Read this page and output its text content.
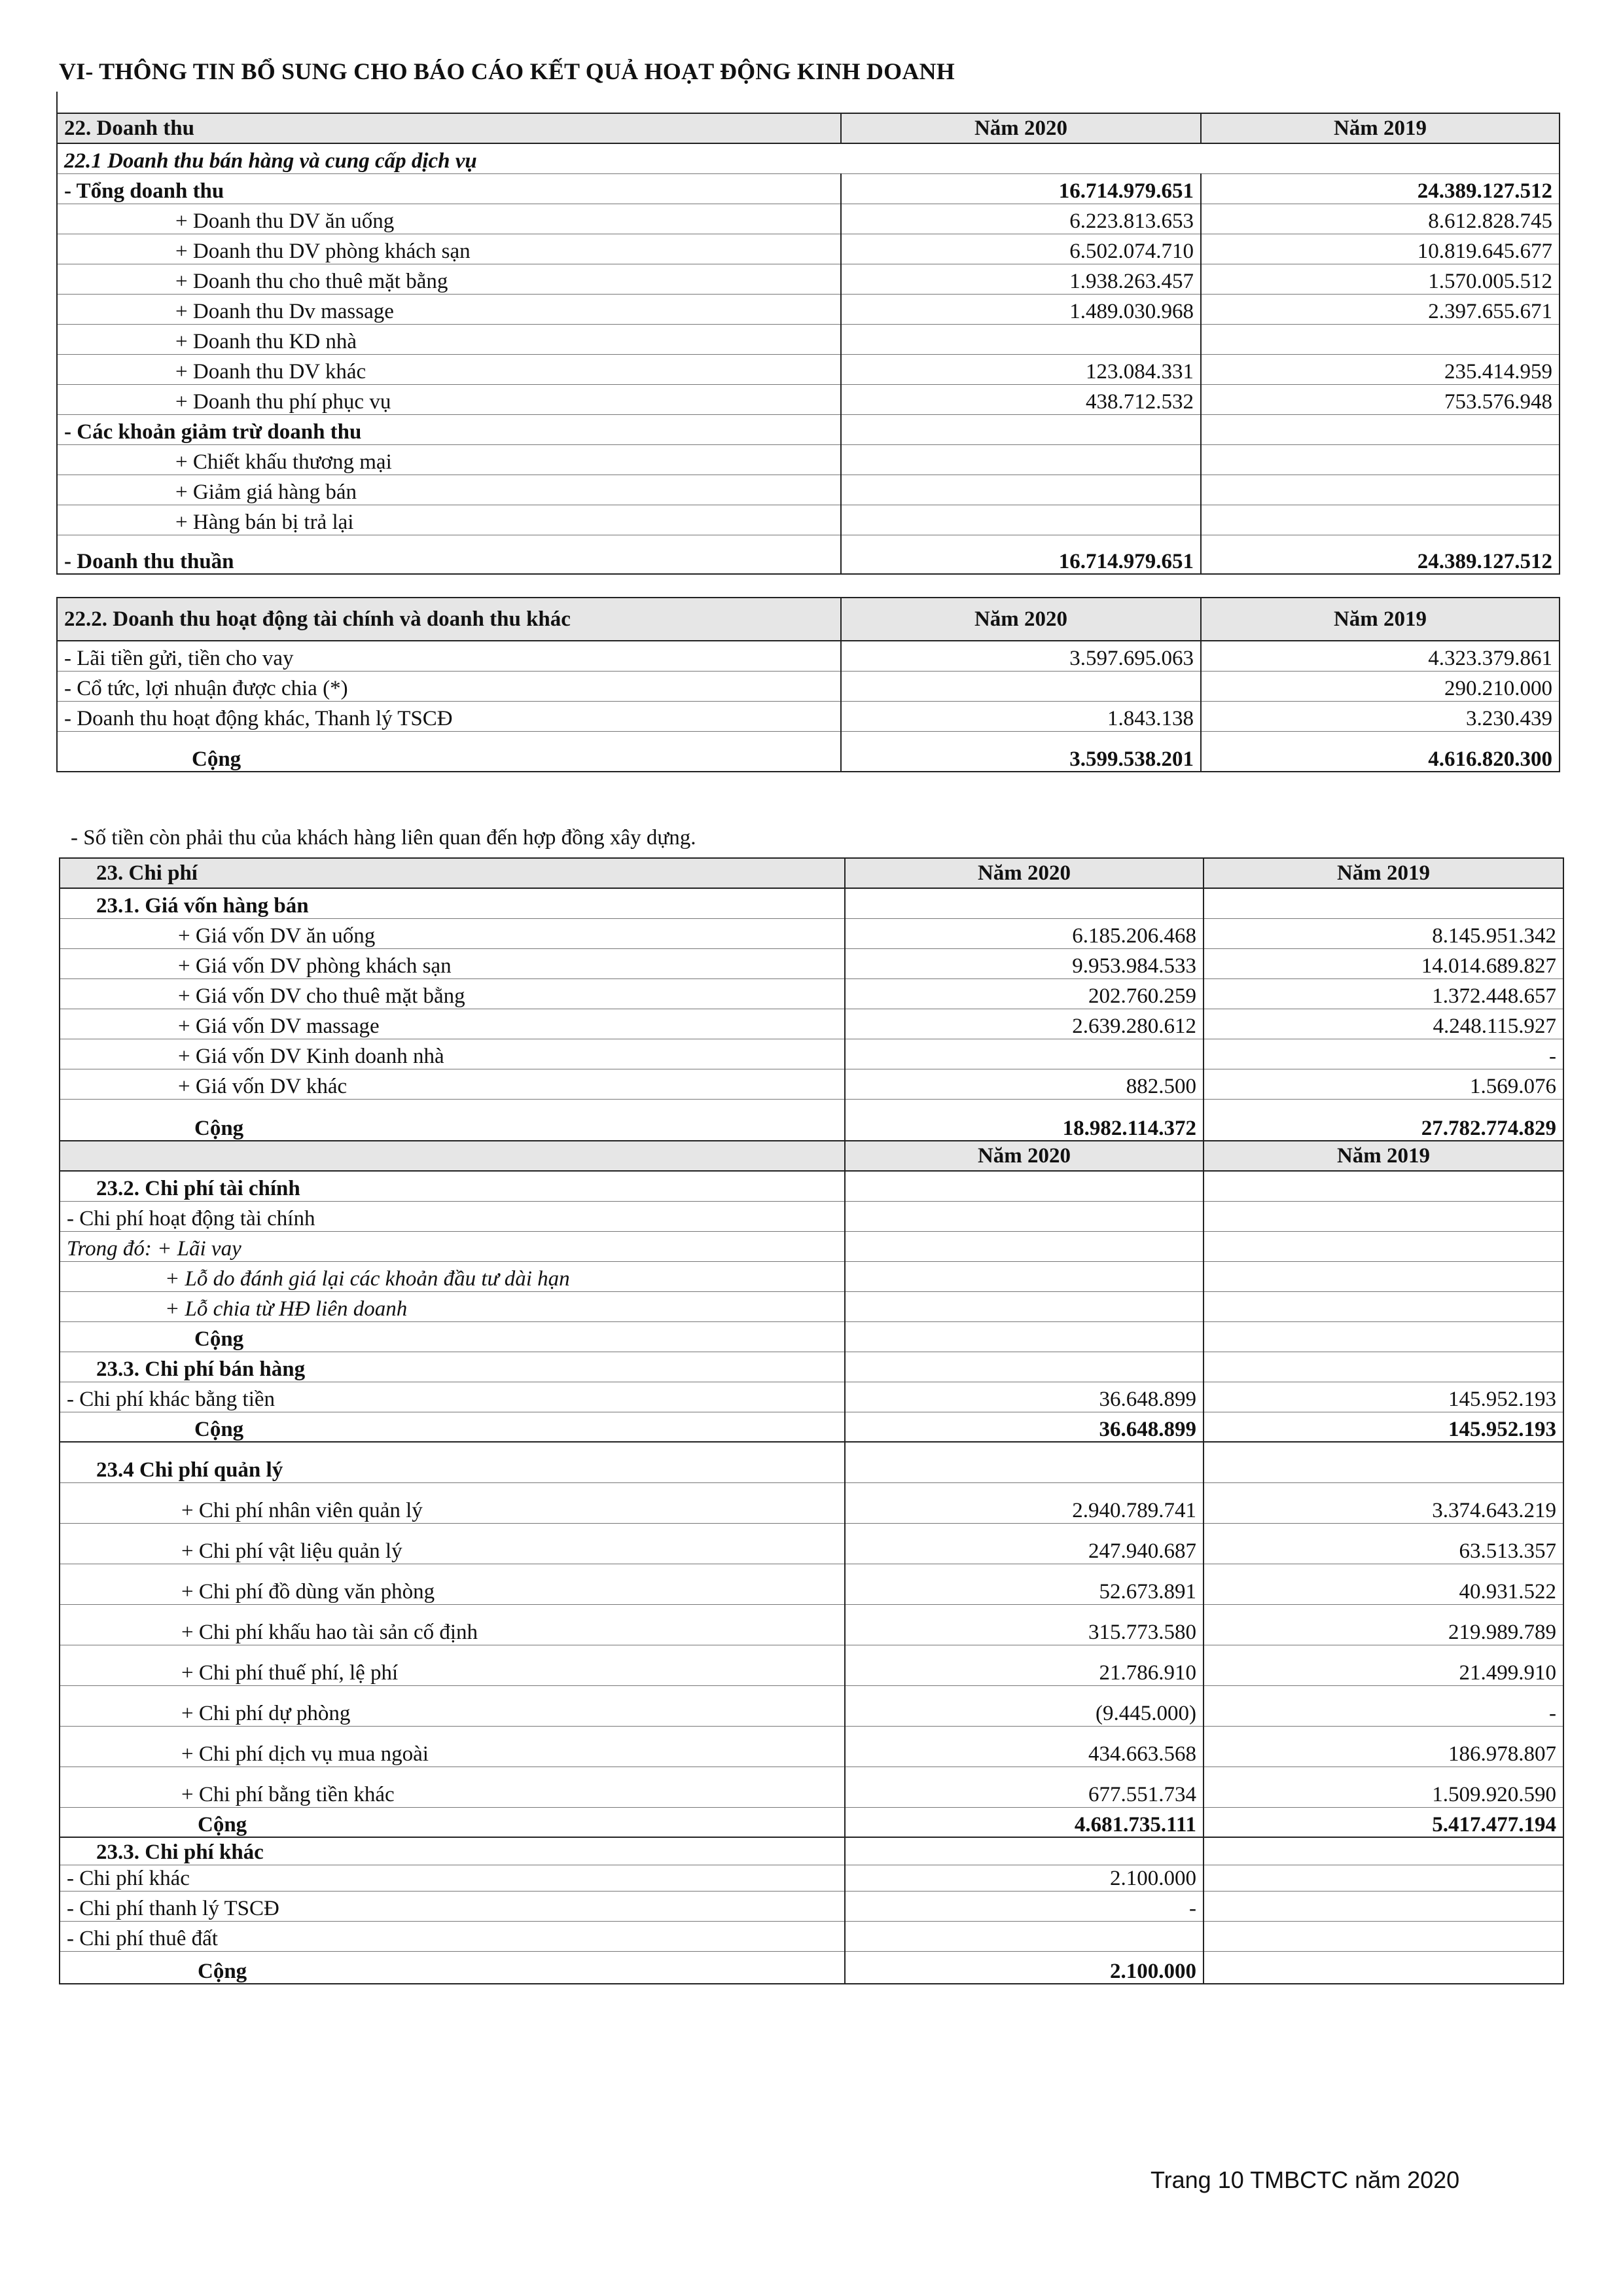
VI- THÔNG TIN BỔ SUNG CHO BÁO CÁO KẾT QUẢ HOẠT ĐỘNG KINH DOANH
22. Doanh thu	Năm 2020	Năm 2019
22.1 Doanh thu bán hàng và cung cấp dịch vụ		
- Tổng doanh thu	16.714.979.651	24.389.127.512
+ Doanh thu DV ăn uống	6.223.813.653	8.612.828.745
+ Doanh thu DV phòng khách sạn	6.502.074.710	10.819.645.677
+ Doanh thu cho thuê mặt bằng	1.938.263.457	1.570.005.512
+ Doanh thu Dv massage	1.489.030.968	2.397.655.671
+ Doanh thu KD nhà		
+ Doanh thu DV khác	123.084.331	235.414.959
+ Doanh thu phí phục vụ	438.712.532	753.576.948
- Các khoản giảm trừ doanh thu		
+ Chiết khấu thương mại		
+ Giảm giá hàng bán		
+ Hàng bán bị trả lại		
- Doanh thu thuần	16.714.979.651	24.389.127.512
22.2. Doanh thu hoạt động tài chính và doanh thu khác	Năm 2020	Năm 2019
- Lãi tiền gửi, tiền cho vay	3.597.695.063	4.323.379.861
- Cổ tức, lợi nhuận được chia (*)		290.210.000
- Doanh thu hoạt động khác, Thanh lý TSCĐ	1.843.138	3.230.439
Cộng	3.599.538.201	4.616.820.300
- Số tiền còn phải thu của khách hàng liên quan đến hợp đồng xây dựng.
23. Chi phí	Năm 2020	Năm 2019
23.1. Giá vốn hàng bán		
+ Giá vốn DV ăn uống	6.185.206.468	8.145.951.342
+ Giá vốn DV phòng khách sạn	9.953.984.533	14.014.689.827
+ Giá vốn DV cho thuê mặt bằng	202.760.259	1.372.448.657
+ Giá vốn DV massage	2.639.280.612	4.248.115.927
+ Giá vốn DV Kinh doanh nhà		-
+ Giá vốn DV khác	882.500	1.569.076
Cộng	18.982.114.372	27.782.774.829
	Năm 2020	Năm 2019
23.2. Chi phí tài chính		
- Chi phí hoạt động tài chính		
Trong đó: + Lãi vay		
+ Lỗ do đánh giá lại các khoản đầu tư dài hạn		
+ Lỗ chia từ HĐ liên doanh		
Cộng		
23.3. Chi phí bán hàng		
- Chi phí khác bằng tiền	36.648.899	145.952.193
Cộng	36.648.899	145.952.193
23.4 Chi phí quản lý		
+ Chi phí nhân viên quản lý	2.940.789.741	3.374.643.219
+ Chi phí vật liệu quản lý	247.940.687	63.513.357
+ Chi phí đồ dùng văn phòng	52.673.891	40.931.522
+ Chi phí khấu hao tài sản cố định	315.773.580	219.989.789
+ Chi phí thuế phí, lệ phí	21.786.910	21.499.910
+ Chi phí dự phòng	(9.445.000)	-
+ Chi phí dịch vụ mua ngoài	434.663.568	186.978.807
+ Chi phí bằng tiền khác	677.551.734	1.509.920.590
Cộng	4.681.735.111	5.417.477.194
23.3. Chi phí khác		
- Chi phí khác	2.100.000	
- Chi phí thanh lý TSCĐ	-	
- Chi phí thuê đất		
Cộng	2.100.000	
Trang 10 TMBCTC năm 2020
